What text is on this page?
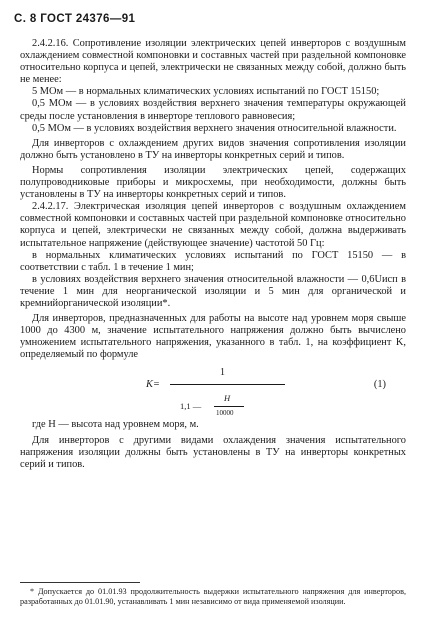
С. 8 ГОСТ 24376—91

2.4.2.16. Сопротивление изоляции электрических цепей инверторов с воздушным охлаждением совместной компоновки и составных частей при раздельной компоновке относительно корпуса и цепей, электрически не связанных между собой, должно быть не менее:

5 МОм — в нормальных климатических условиях испытаний по ГОСТ 15150;

0,5 МОм — в условиях воздействия верхнего значения температуры окружающей среды после установления в инверторе теплового равновесия;

0,5 МОм — в условиях воздействия верхнего значения относительной влажности.

Для инверторов с охлаждением других видов значения сопротивления изоляции должно быть установлено в ТУ на инверторы конкретных серий и типов.

Нормы сопротивления изоляции электрических цепей, содержащих полупроводниковые приборы и микросхемы, при необходимости, должны быть установлены в ТУ на инверторы конкретных серий и типов.

2.4.2.17. Электрическая изоляция цепей инверторов с воздушным охлаждением совместной компоновки и составных частей при раздельной компоновке относительно корпуса и цепей, электрически не связанных между собой, должна выдерживать испытательное напряжение (действующее значение) частотой 50 Гц:

в нормальных климатических условиях испытаний по ГОСТ 15150 — в соответствии с табл. 1 в течение 1 мин;

в условиях воздействия верхнего значения относительной влажности — 0,6Uисп в течение 1 мин для неорганической изоляции и 5 мин для органической и кремнийорганической изоляции*.

Для инверторов, предназначенных для работы на высоте над уровнем моря свыше 1000 до 4300 м, значение испытательного напряжения должно быть вычислено умножением испытательного напряжения, указанного в табл. 1, на коэффициент K, определяемый по формуле

K=
1
1,1 —
H
10000
(1)

где H — высота над уровнем моря, м.

Для инверторов с другими видами охлаждения значения испытательного напряжения изоляции должны быть установлены в ТУ на инверторы конкретных серий и типов.

* Допускается до 01.01.93 продолжительность выдержки испытательного напряжения для инверторов, разработанных до 01.01.90, устанавливать 1 мин независимо от вида применяемой изоляции.
